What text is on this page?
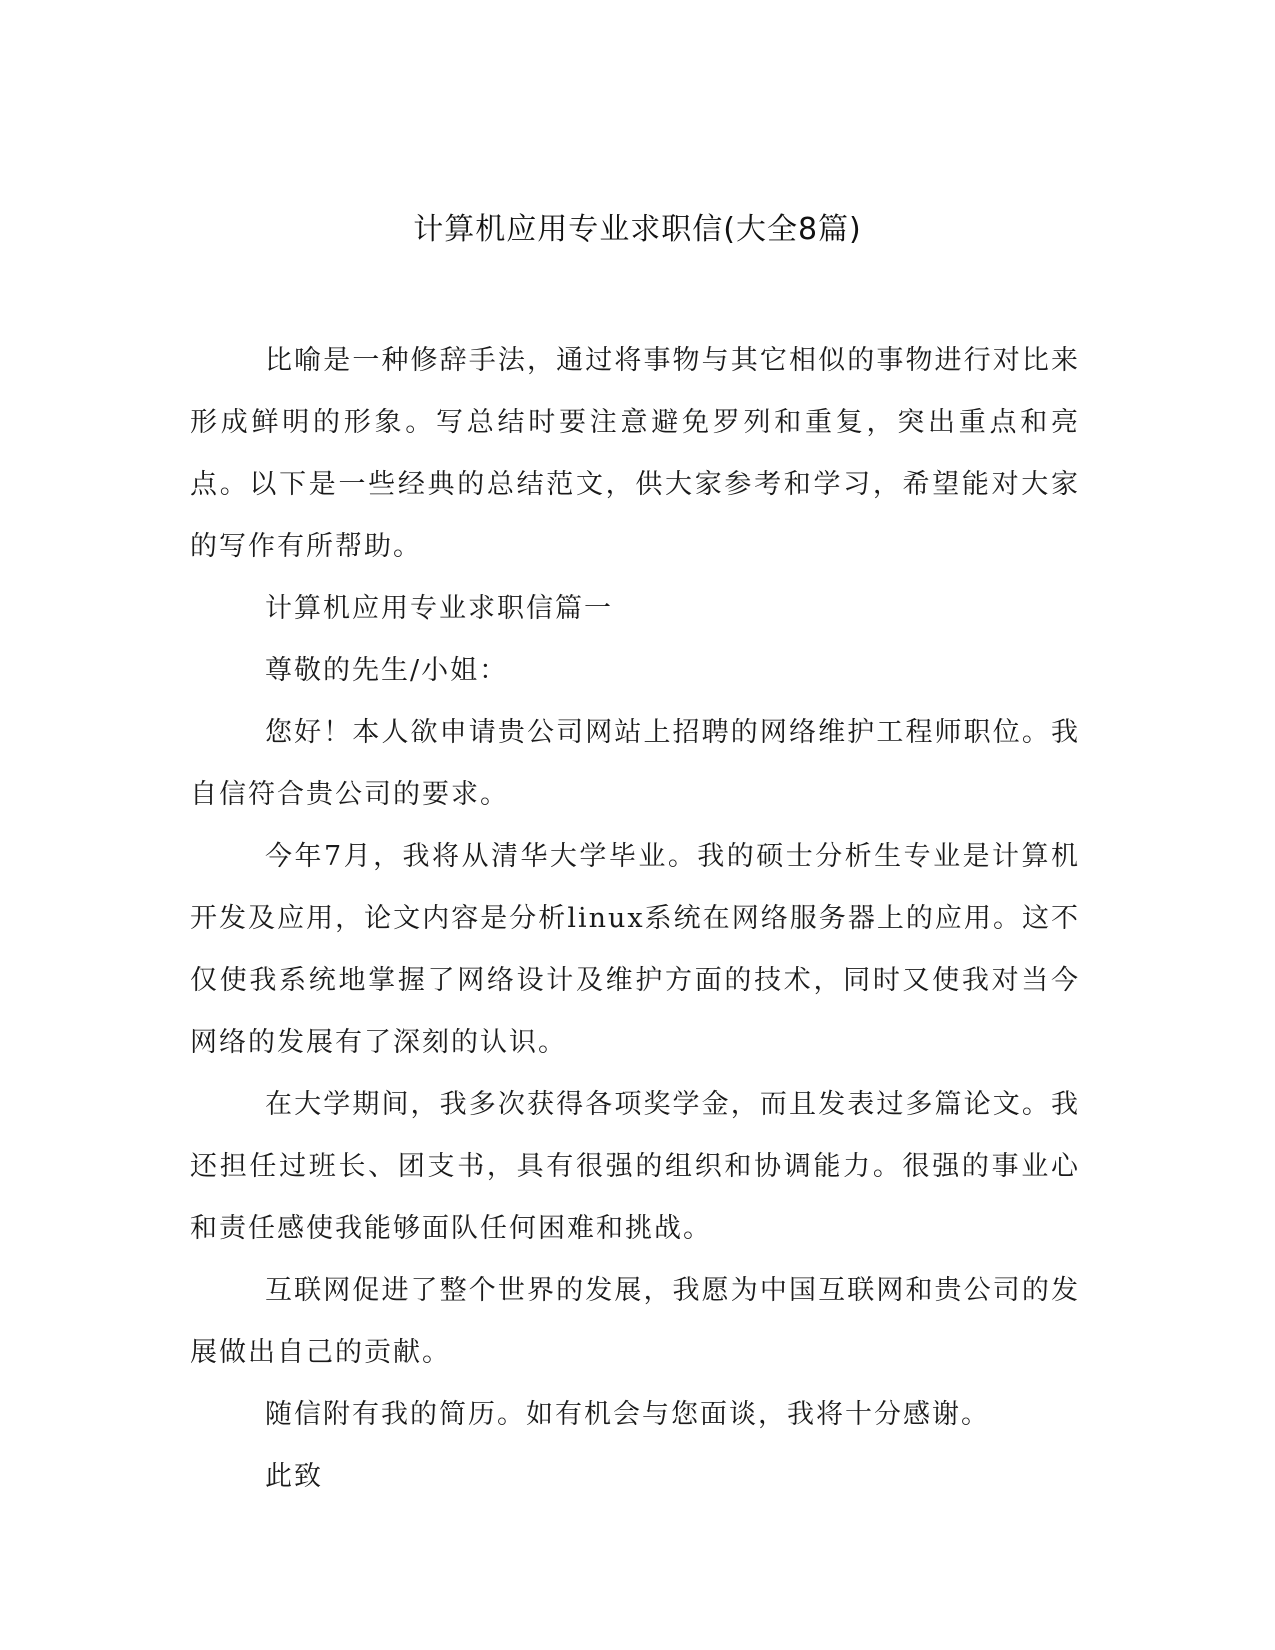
计算机应用专业求职信(大全8篇)

比喻是一种修辞手法，通过将事物与其它相似的事物进行对比来形成鲜明的形象。写总结时要注意避免罗列和重复，突出重点和亮点。以下是一些经典的总结范文，供大家参考和学习，希望能对大家的写作有所帮助。

计算机应用专业求职信篇一

尊敬的先生/小姐：

您好！本人欲申请贵公司网站上招聘的网络维护工程师职位。我自信符合贵公司的要求。

今年7月，我将从清华大学毕业。我的硕士分析生专业是计算机开发及应用，论文内容是分析linux系统在网络服务器上的应用。这不仅使我系统地掌握了网络设计及维护方面的技术，同时又使我对当今网络的发展有了深刻的认识。

在大学期间，我多次获得各项奖学金，而且发表过多篇论文。我还担任过班长、团支书，具有很强的组织和协调能力。很强的事业心和责任感使我能够面队任何困难和挑战。

互联网促进了整个世界的发展，我愿为中国互联网和贵公司的发展做出自己的贡献。

随信附有我的简历。如有机会与您面谈，我将十分感谢。

此致
